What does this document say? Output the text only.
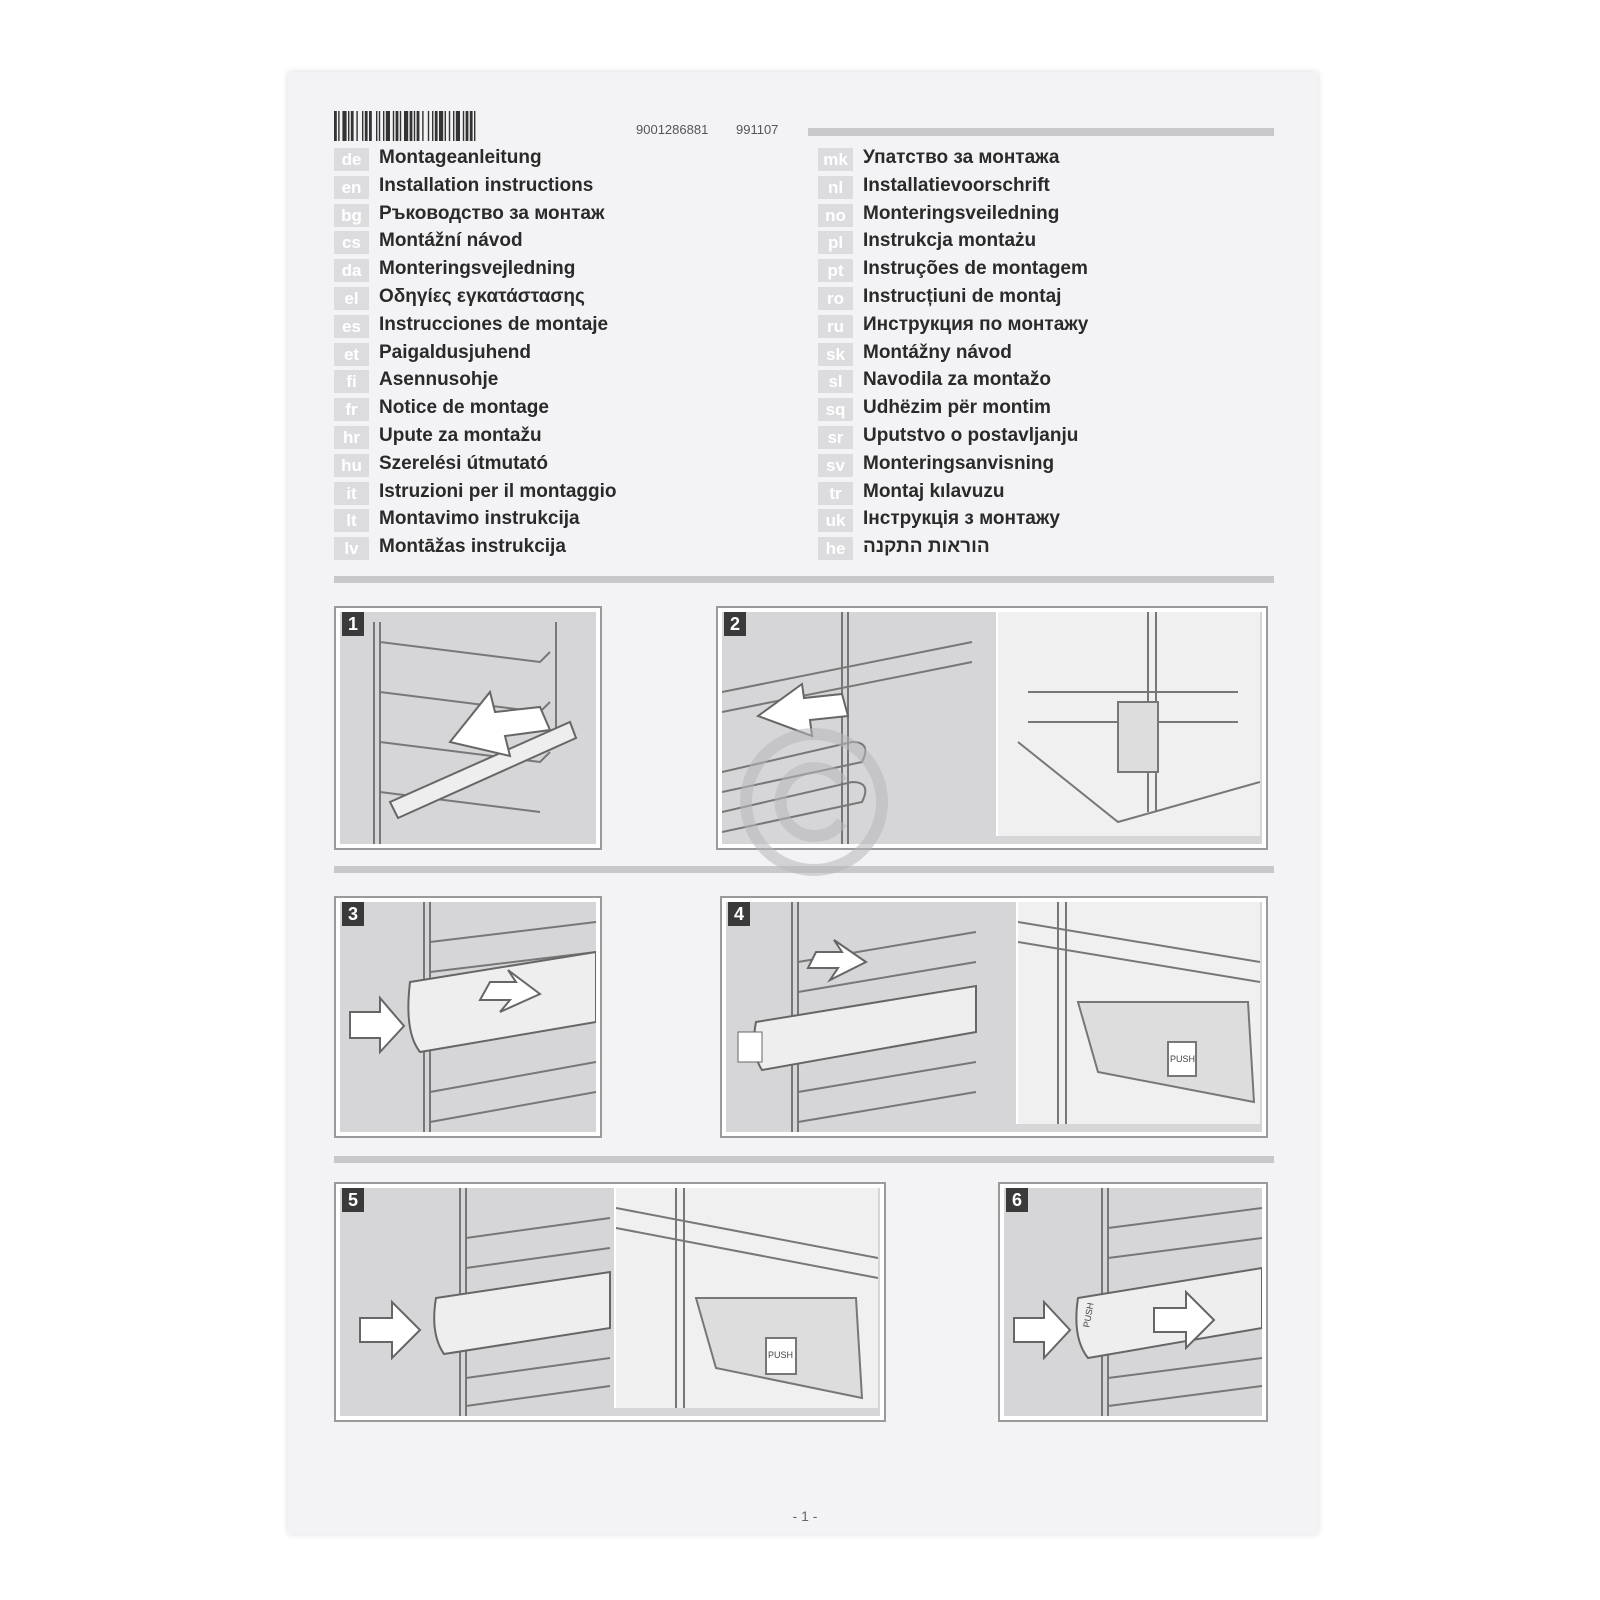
9001286881 991107
de Montageanleitung
en Installation instructions
bg Ръководство за монтаж
cs Montážní návod
da Monteringsvejledning
el	Οδηγίες εγκατάστασης
es Instrucciones de montaje
et	Paigaldusjuhend
fi	Asennusohje
fr	Notice de montage
hr	Upute za montažu
hu Szerelési útmutató
it	Istruzioni per il montaggio
lt	Montavimo instrukcija
lv	Montāžas instrukcija
mk Упатство за монтажа
nl	Installatievoorschrift
no Monteringsveiledning
pl	Instrukcja montażu
pt	Instruções de montagem
ro	Instrucțiuni de montaj
ru	Инструкция по монтажу
sk Montážny návod
sl	Navodila za montažo
sq Udhëzim për montim
sr	Uputstvo o postavljanju
sv Monteringsanvisning
tr	Montaj kılavuzu
uk Інструкція з монтажу
he הוראות התקנה
1	2
3
PUSH
4
PUSH
5
PUSH
6
- 1 -
